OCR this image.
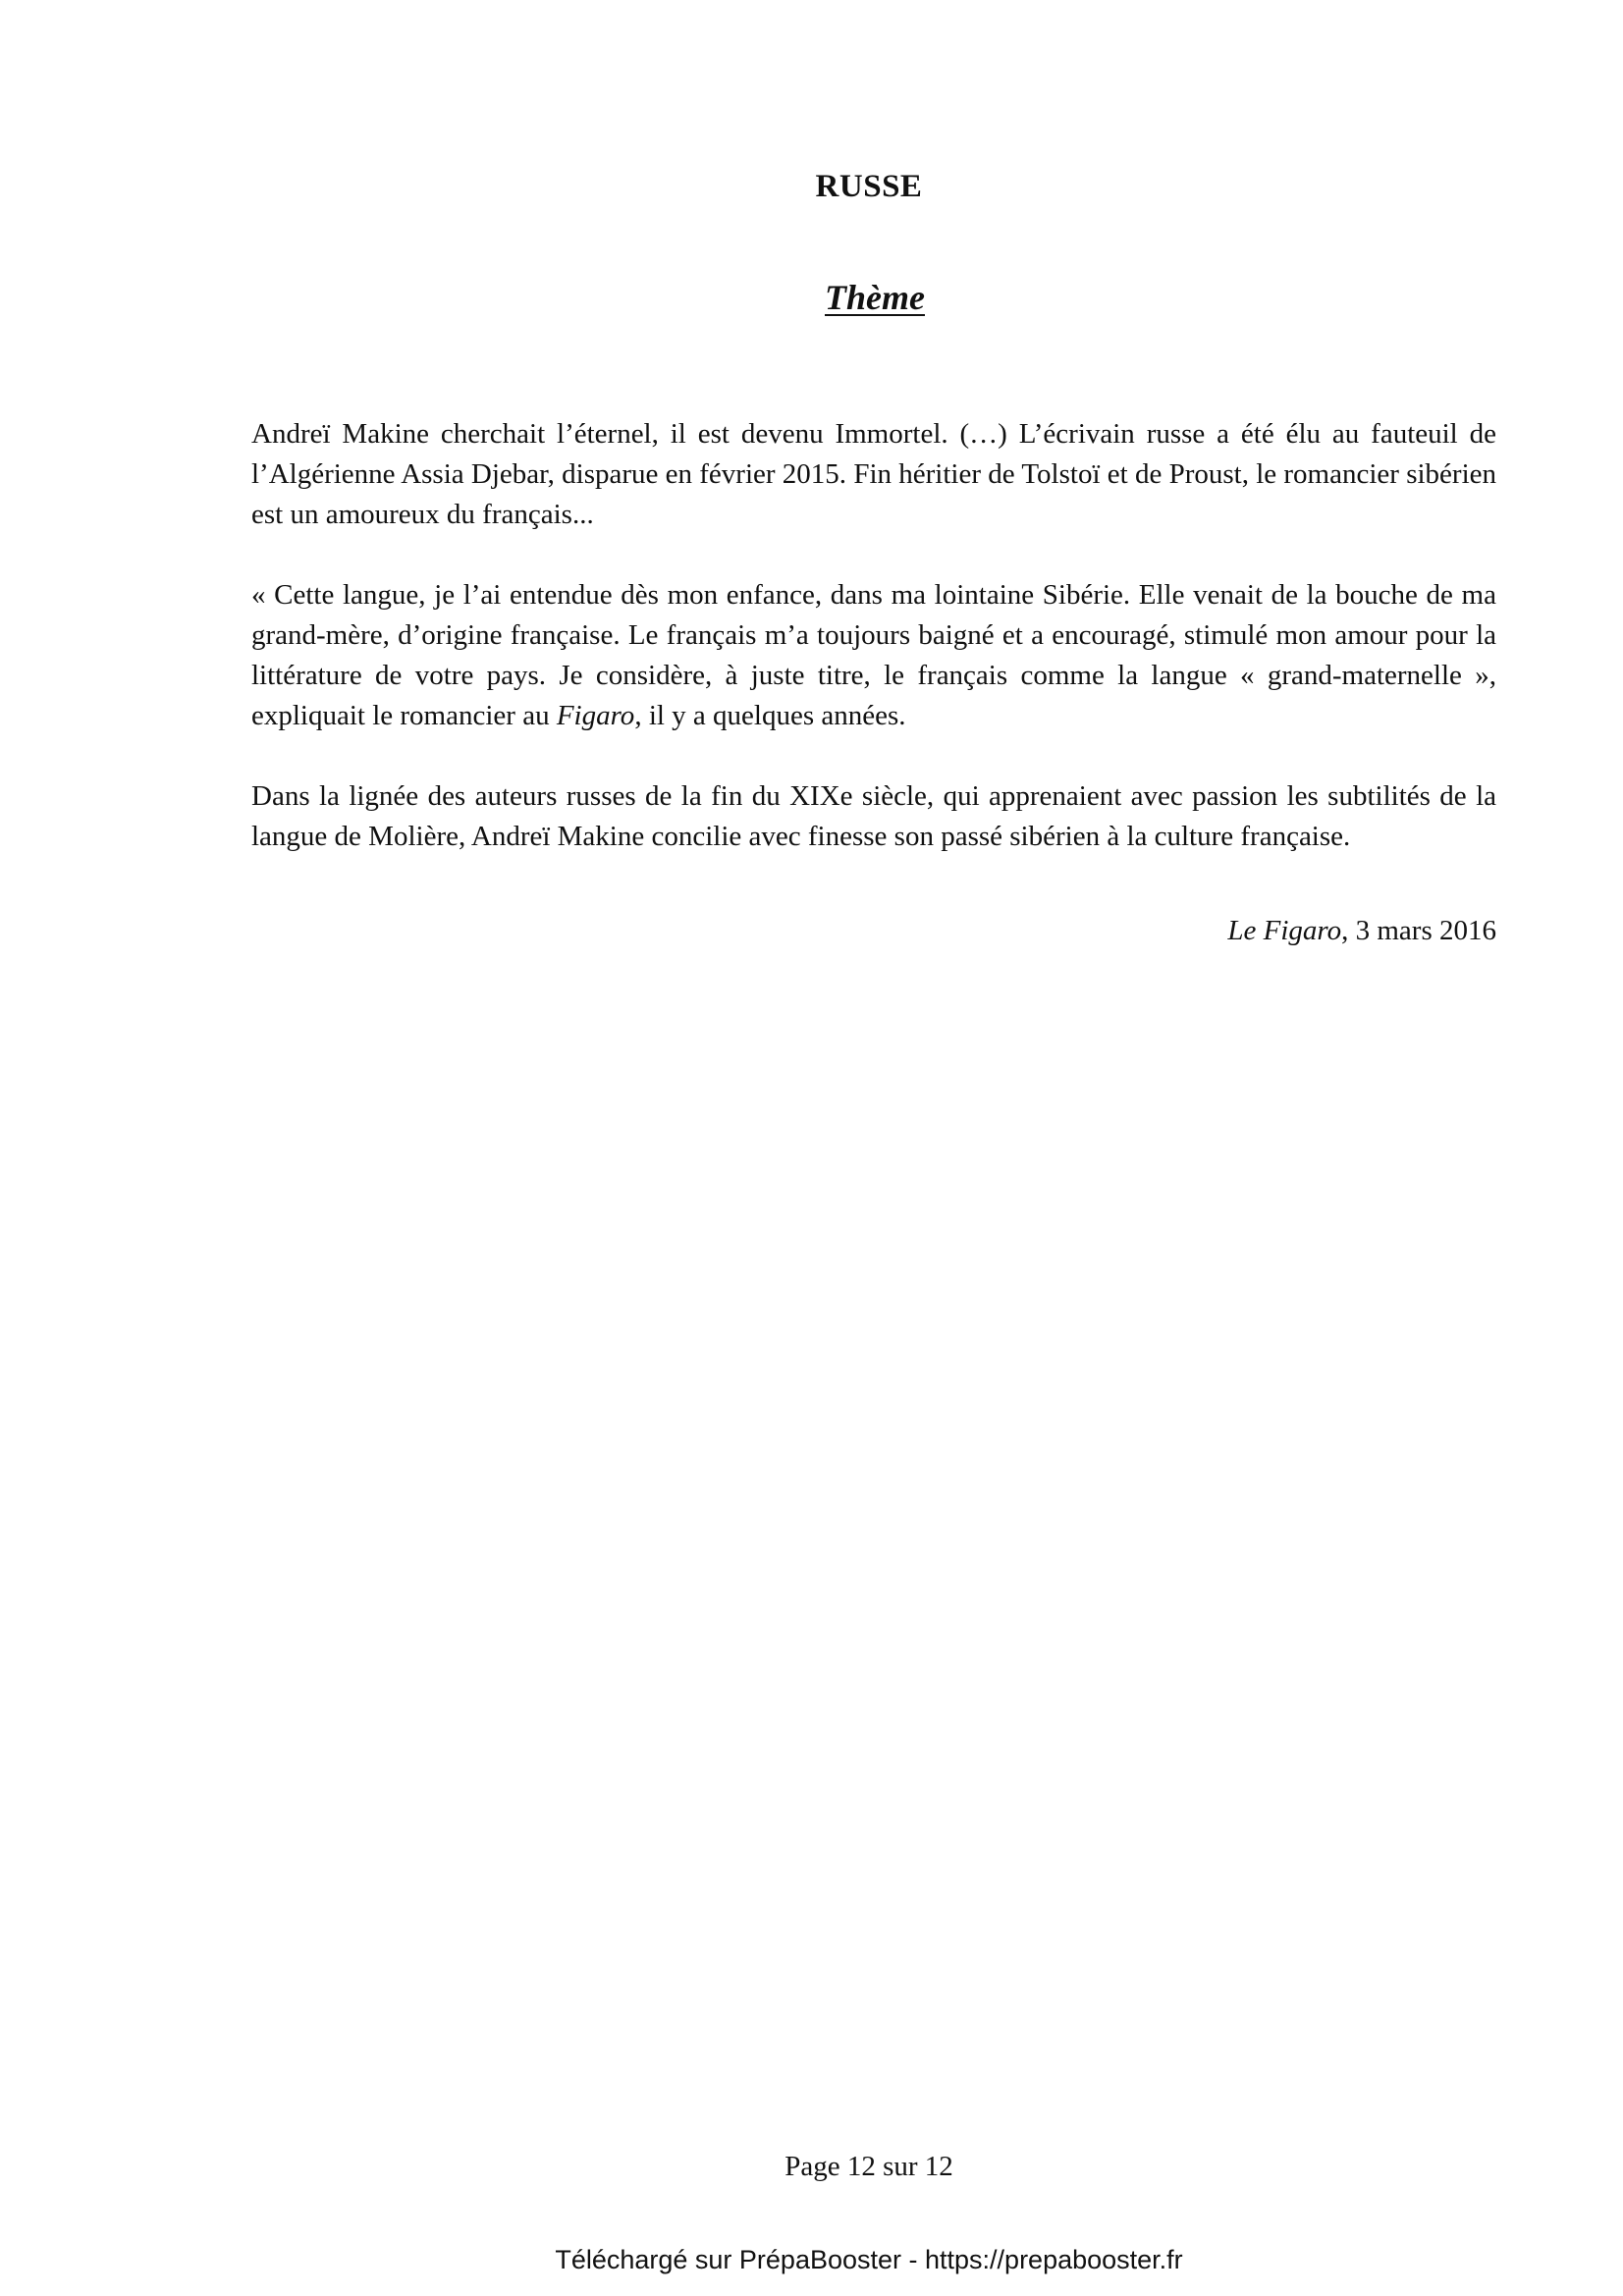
RUSSE
Thème

Andreï Makine cherchait l’éternel, il est devenu Immortel. (…) L’écrivain russe a été élu au fauteuil de l’Algérienne Assia Djebar, disparue en février 2015. Fin héritier de Tolstoï et de Proust, le romancier sibérien est un amoureux du français...

« Cette langue, je l’ai entendue dès mon enfance, dans ma lointaine Sibérie. Elle venait de la bouche de ma grand-mère, d’origine française. Le français m’a toujours baigné et a encouragé, stimulé mon amour pour la littérature de votre pays. Je considère, à juste titre, le français comme la langue « grand-maternelle », expliquait le romancier au Figaro, il y a quelques années.

Dans la lignée des auteurs russes de la fin du XIXe siècle, qui apprenaient avec passion les subtilités de la langue de Molière, Andreï Makine concilie avec finesse son passé sibérien à la culture française.

Le Figaro, 3 mars 2016
Page 12 sur 12
Téléchargé sur PrépaBooster - https://prepabooster.fr
